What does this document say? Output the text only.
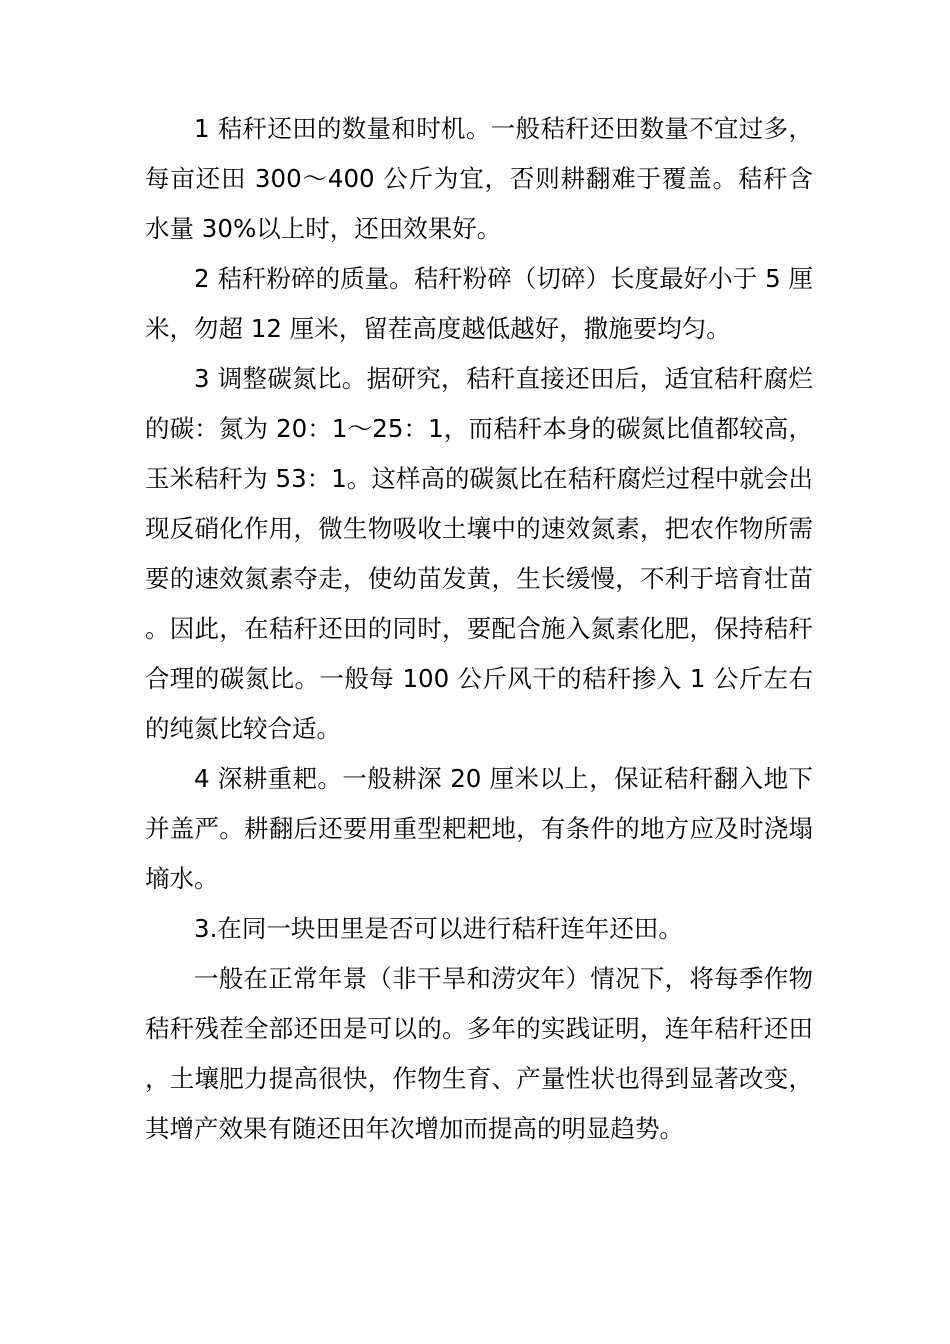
1 秸秆还田的数量和时机。一般秸秆还田数量不宜过多，每亩还田 300～400 公斤为宜，否则耕翻难于覆盖。秸秆含水量 30%以上时，还田效果好。

2 秸秆粉碎的质量。秸秆粉碎（切碎）长度最好小于 5 厘米，勿超 12 厘米，留茬高度越低越好，撒施要均匀。

3 调整碳氮比。据研究，秸秆直接还田后，适宜秸秆腐烂的碳：氮为 20：1～25：1，而秸秆本身的碳氮比值都较高，玉米秸秆为 53：1。这样高的碳氮比在秸秆腐烂过程中就会出现反硝化作用，微生物吸收土壤中的速效氮素，把农作物所需要的速效氮素夺走，使幼苗发黄，生长缓慢，不利于培育壮苗。因此，在秸秆还田的同时，要配合施入氮素化肥，保持秸秆合理的碳氮比。一般每 100 公斤风干的秸秆掺入 1 公斤左右的纯氮比较合适。

4 深耕重耙。一般耕深 20 厘米以上，保证秸秆翻入地下并盖严。耕翻后还要用重型耙耙地，有条件的地方应及时浇塌墒水。

3.在同一块田里是否可以进行秸秆连年还田。

一般在正常年景（非干旱和涝灾年）情况下，将每季作物秸秆残茬全部还田是可以的。多年的实践证明，连年秸秆还田，土壤肥力提高很快，作物生育、产量性状也得到显著改变，其增产效果有随还田年次增加而提高的明显趋势。
